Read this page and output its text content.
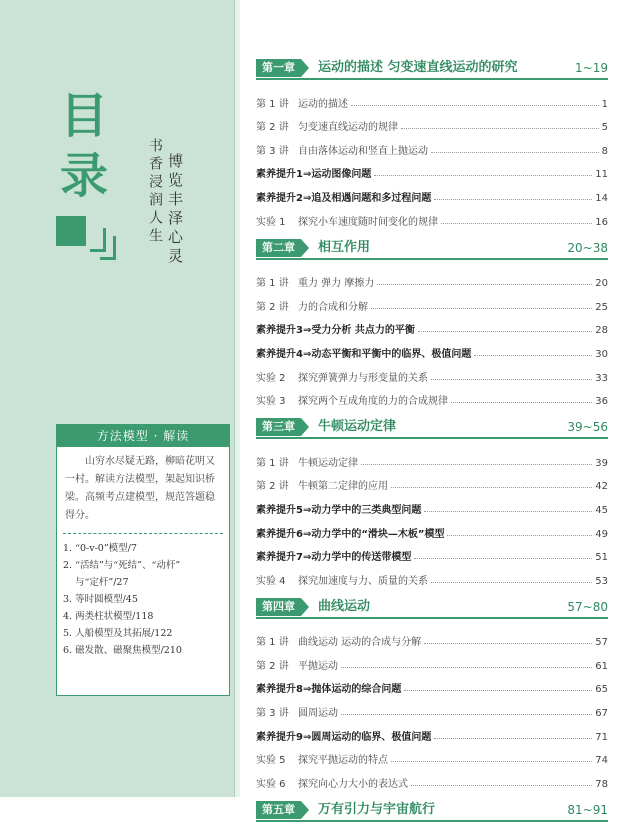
目
录	书香浸润人生 博览丰泽心灵
方法模型 · 解读
山穷水尽疑无路，柳暗花明又一村。解读方法模型，架起知识桥梁。高频考点建模型，规范答题稳得分。
1. “0-v-0”模型/7
2. “活结”与“死结”、“动杆”
与“定杆”/27
3. 等时圆模型/45
4. 两类柱状模型/118
5. 人船模型及其拓展/122
6. 磁发散、磁聚焦模型/210
第一章	运动的描述 匀变速直线运动的研究	1~19
第 1 讲 运动的描述	1
第 2 讲 匀变速直线运动的规律	5
第 3 讲 自由落体运动和竖直上抛运动	8
素养提升1⇒运动图像问题	11
素养提升2⇒追及相遇问题和多过程问题	14
实验 1 探究小车速度随时间变化的规律	16
第二章	相互作用	20~38
第 1 讲 重力 弹力 摩擦力	20
第 2 讲 力的合成和分解	25
素养提升3⇒受力分析 共点力的平衡	28
素养提升4⇒动态平衡和平衡中的临界、极值问题	30
实验 2 探究弹簧弹力与形变量的关系	33
实验 3 探究两个互成角度的力的合成规律	36
第三章	牛顿运动定律	39~56
第 1 讲 牛顿运动定律	39
第 2 讲 牛顿第二定律的应用	42
素养提升5⇒动力学中的三类典型问题	45
素养提升6⇒动力学中的“滑块—木板”模型	49
素养提升7⇒动力学中的传送带模型	51
实验 4 探究加速度与力、质量的关系	53
第四章	曲线运动	57~80
第 1 讲 曲线运动 运动的合成与分解	57
第 2 讲 平抛运动	61
素养提升8⇒抛体运动的综合问题	65
第 3 讲 圆周运动	67
素养提升9⇒圆周运动的临界、极值问题	71
实验 5 探究平抛运动的特点	74
实验 6 探究向心力大小的表达式	78
第五章	万有引力与宇宙航行	81~91
